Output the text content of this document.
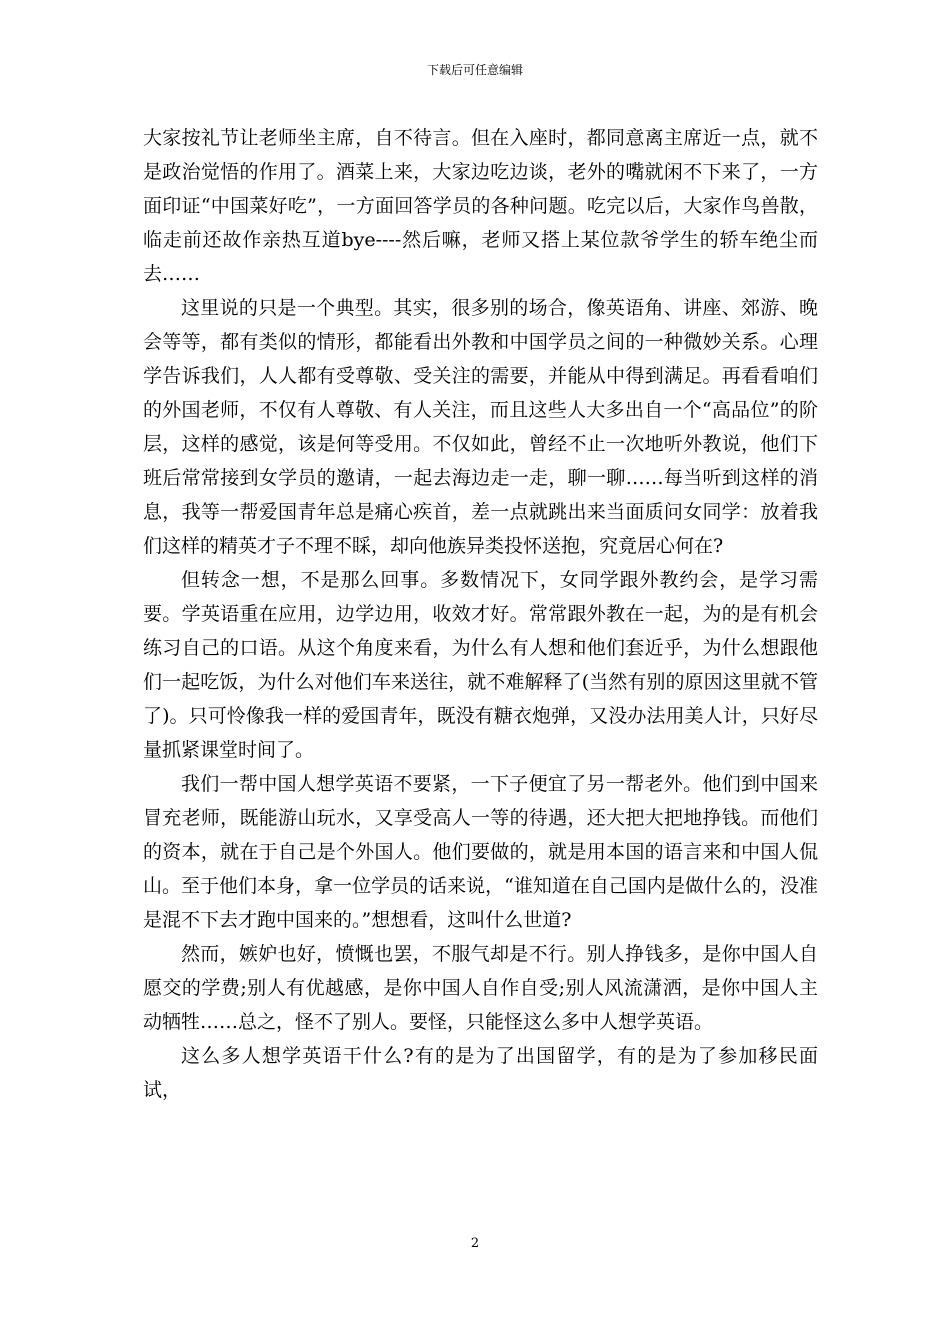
下载后可任意编辑

大家按礼节让老师坐主席，自不待言。但在入座时，都同意离主席近一点，就不是政治觉悟的作用了。酒菜上来，大家边吃边谈，老外的嘴就闲不下来了，一方面印证“中国菜好吃”，一方面回答学员的各种问题。吃完以后，大家作鸟兽散，临走前还故作亲热互道bye----然后嘛，老师又搭上某位款爷学生的轿车绝尘而去……

这里说的只是一个典型。其实，很多别的场合，像英语角、讲座、郊游、晚会等等，都有类似的情形，都能看出外教和中国学员之间的一种微妙关系。心理学告诉我们，人人都有受尊敬、受关注的需要，并能从中得到满足。再看看咱们的外国老师，不仅有人尊敬、有人关注，而且这些人大多出自一个“高品位”的阶层，这样的感觉，该是何等受用。不仅如此，曾经不止一次地听外教说，他们下班后常常接到女学员的邀请，一起去海边走一走，聊一聊……每当听到这样的消息，我等一帮爱国青年总是痛心疾首，差一点就跳出来当面质问女同学：放着我们这样的精英才子不理不睬，却向他族异类投怀送抱，究竟居心何在?

但转念一想，不是那么回事。多数情况下，女同学跟外教约会，是学习需要。学英语重在应用，边学边用，收效才好。常常跟外教在一起，为的是有机会练习自己的口语。从这个角度来看，为什么有人想和他们套近乎，为什么想跟他们一起吃饭，为什么对他们车来送往，就不难解释了(当然有别的原因这里就不管了)。只可怜像我一样的爱国青年，既没有糖衣炮弹，又没办法用美人计，只好尽量抓紧课堂时间了。

我们一帮中国人想学英语不要紧，一下子便宜了另一帮老外。他们到中国来冒充老师，既能游山玩水，又享受高人一等的待遇，还大把大把地挣钱。而他们的资本，就在于自己是个外国人。他们要做的，就是用本国的语言来和中国人侃山。至于他们本身，拿一位学员的话来说，“谁知道在自己国内是做什么的，没准是混不下去才跑中国来的。”想想看，这叫什么世道?

然而，嫉妒也好，愤慨也罢，不服气却是不行。别人挣钱多，是你中国人自愿交的学费;别人有优越感，是你中国人自作自受;别人风流潇洒，是你中国人主动牺牲……总之，怪不了别人。要怪，只能怪这么多中人想学英语。

这么多人想学英语干什么?有的是为了出国留学，有的是为了参加移民面试，

2
